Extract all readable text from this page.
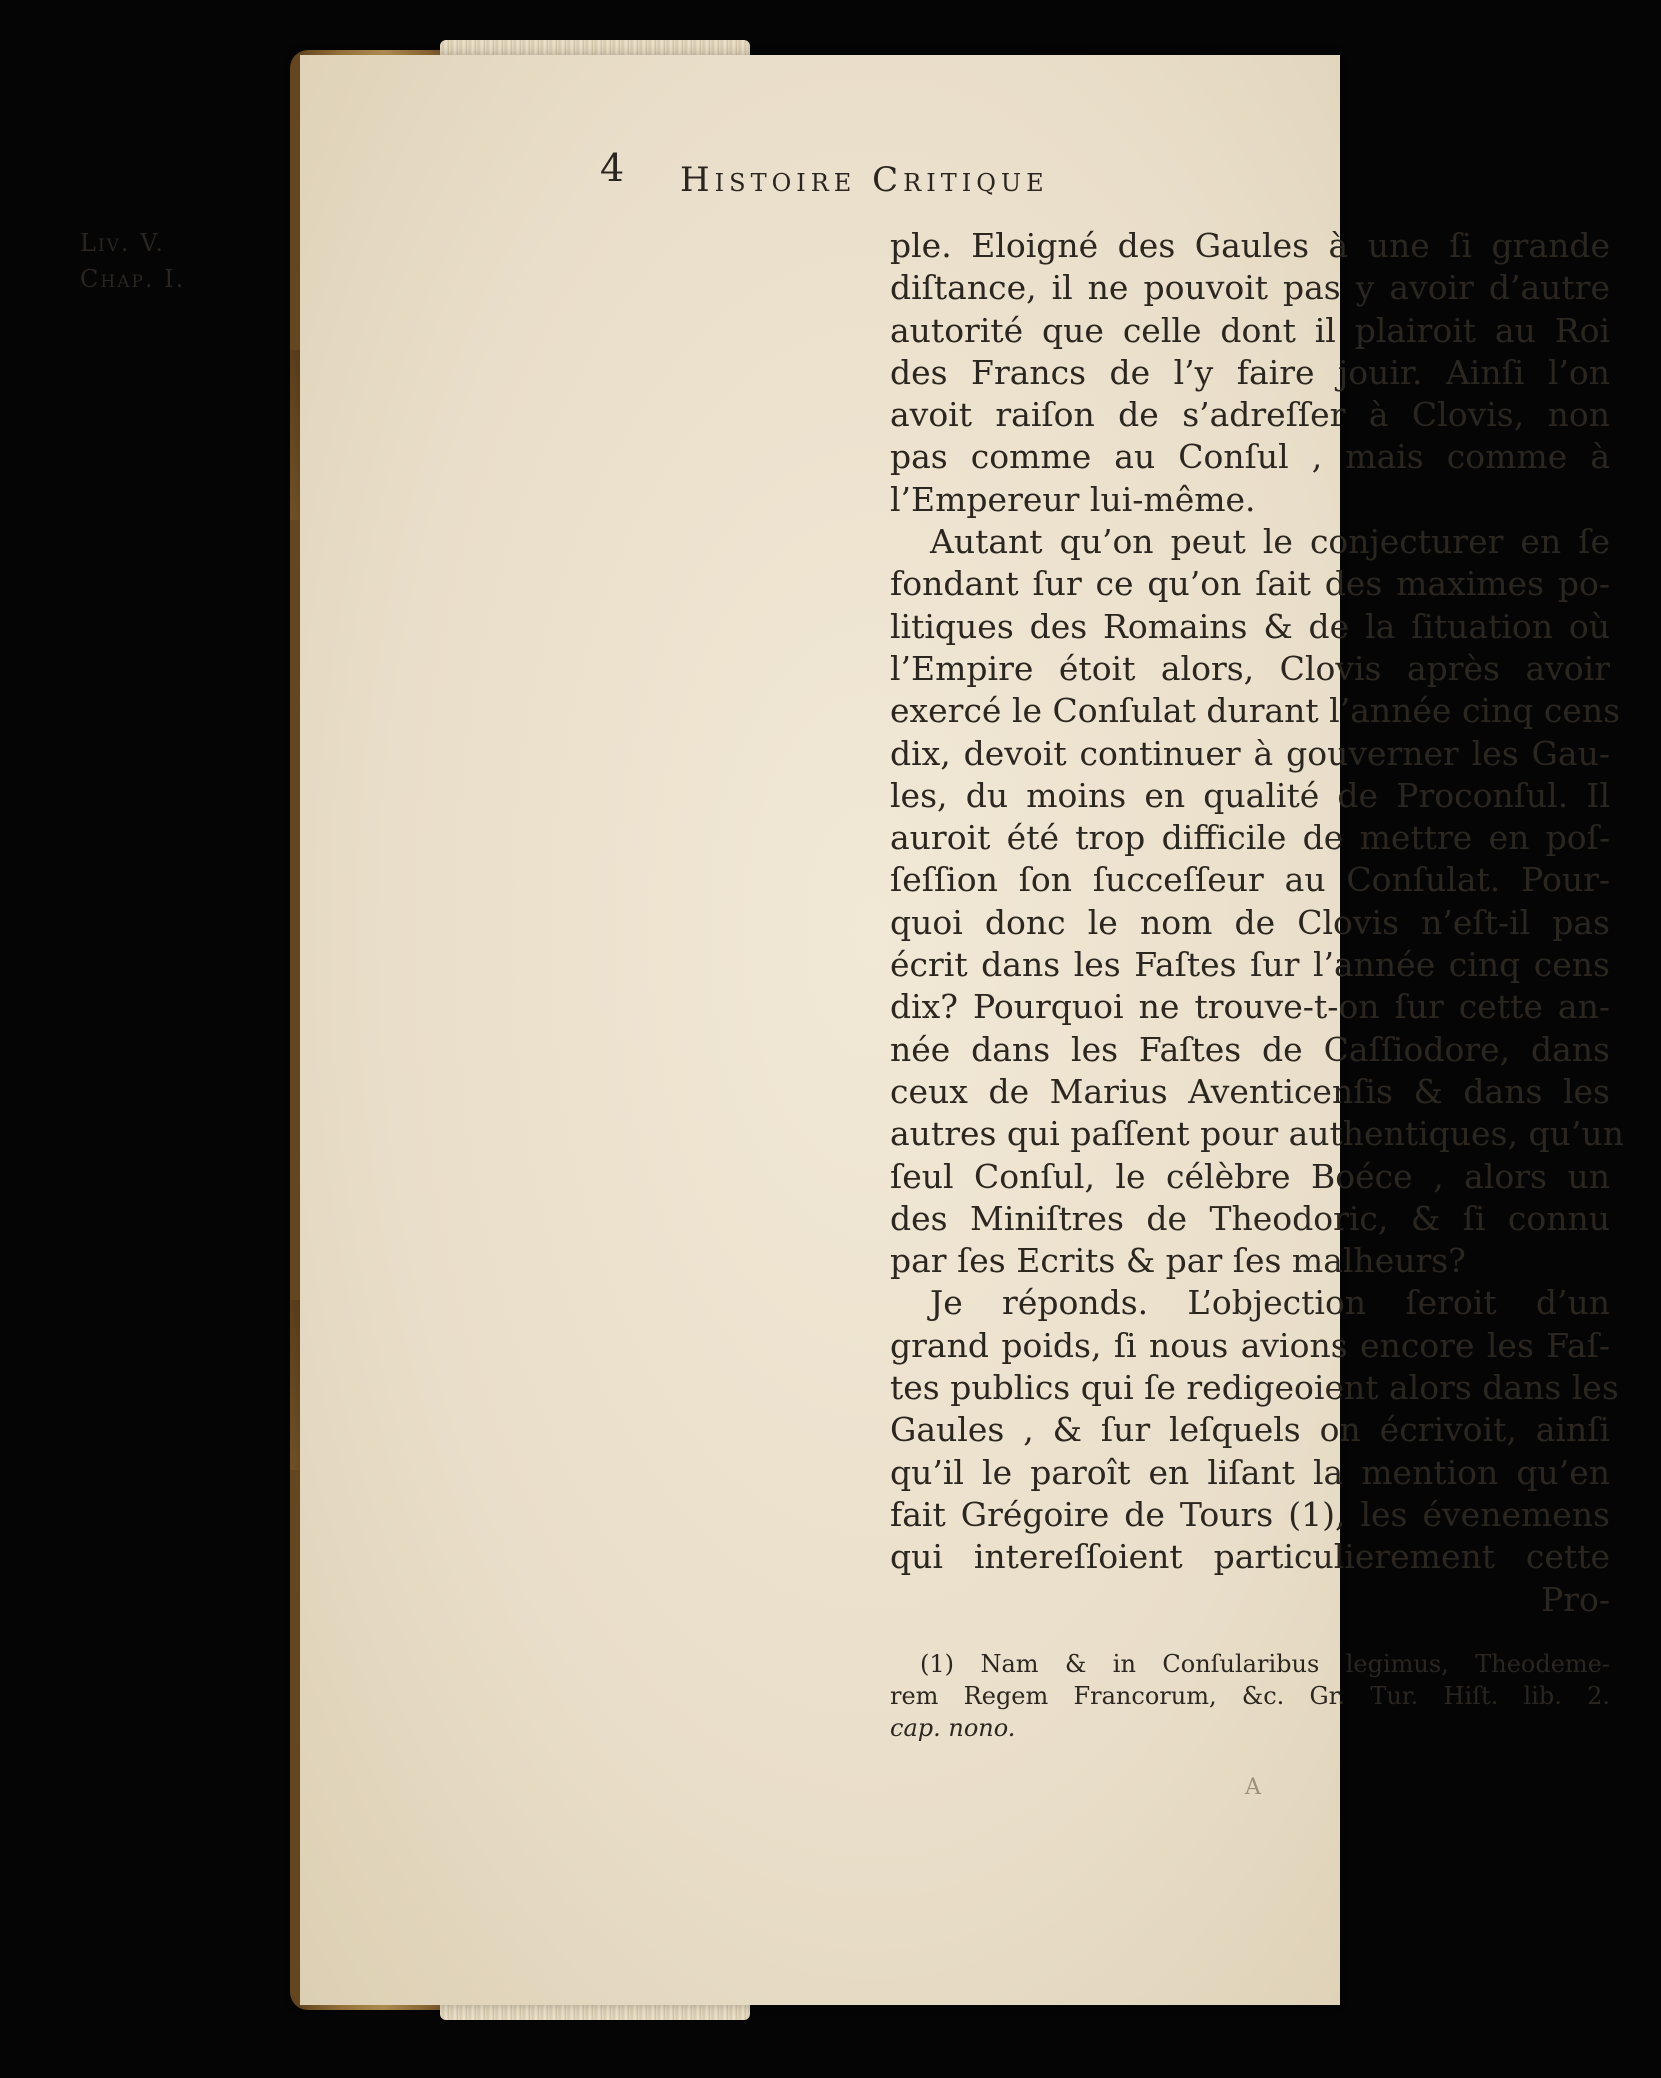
4 Histoire Critique
Liv. V.
Chap. I.
ple. Eloigné des Gaules à une ſi grande
diſtance, il ne pouvoit pas y avoir d’autre
autorité que celle dont il plairoit au Roi
des Francs de l’y faire jouir. Ainſi l’on
avoit raiſon de s’adreſſer à Clovis, non
pas comme au Conſul , mais comme à
l’Empereur lui-même.
Autant qu’on peut le conjecturer en ſe
fondant ſur ce qu’on ſait des maximes po-
litiques des Romains & de la ſituation où
l’Empire étoit alors, Clovis après avoir
exercé le Conſulat durant l’année cinq cens
dix, devoit continuer à gouverner les Gau-
les, du moins en qualité de Proconſul. Il
auroit été trop difficile de mettre en poſ-
ſeſſion ſon ſucceſſeur au Conſulat. Pour-
quoi donc le nom de Clovis n’eſt-il pas
écrit dans les Faſtes ſur l’année cinq cens
dix? Pourquoi ne trouve-t-on ſur cette an-
née dans les Faſtes de Caſſiodore, dans
ceux de Marius Aventicenſis & dans les
autres qui paſſent pour authentiques, qu’un
ſeul Conſul, le célèbre Boéce , alors un
des Miniſtres de Theodoric, & ſi connu
par ſes Ecrits & par ſes malheurs?
Je réponds. L’objection ſeroit d’un
grand poids, ſi nous avions encore les Faſ-
tes publics qui ſe redigeoient alors dans les
Gaules , & ſur leſquels on écrivoit, ainſi
qu’il le paroît en liſant la mention qu’en
fait Grégoire de Tours (1), les évenemens
qui intereſſoient particulierement cette
Pro-
(1) Nam & in Conſularibus legimus, Theodeme-
rem Regem Francorum, &c. Gr. Tur. Hiſt. lib. 2.
cap. nono.
A
